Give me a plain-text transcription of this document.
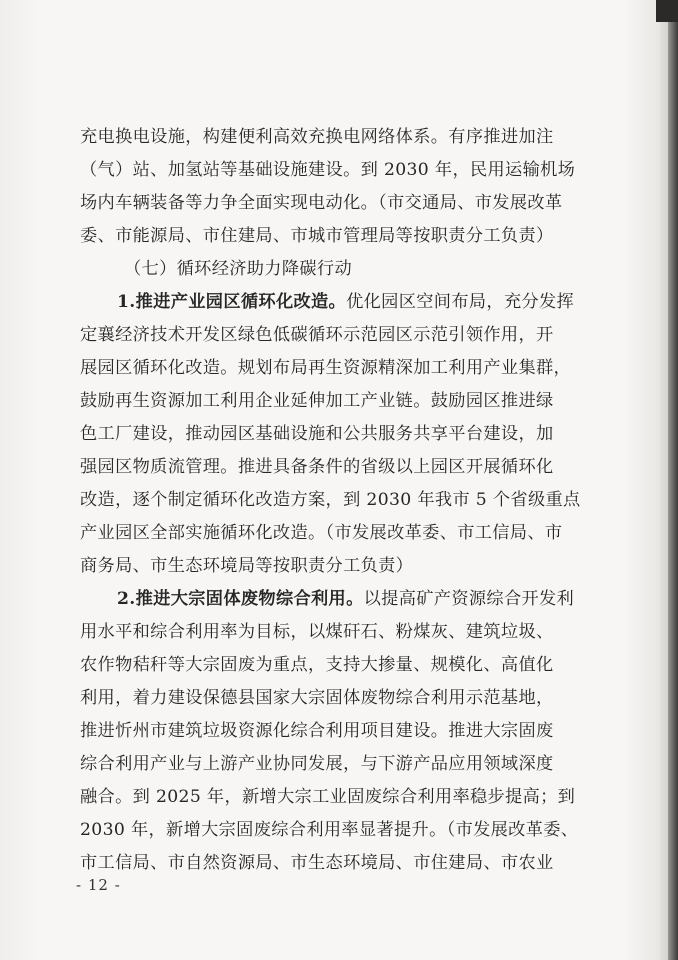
充电换电设施，构建便利高效充换电网络体系。有序推进加注
（气）站、加氢站等基础设施建设。到 2030 年，民用运输机场
场内车辆装备等力争全面实现电动化。（市交通局、市发展改革
委、市能源局、市住建局、市城市管理局等按职责分工负责）
（七）循环经济助力降碳行动
1.推进产业园区循环化改造。优化园区空间布局，充分发挥
定襄经济技术开发区绿色低碳循环示范园区示范引领作用，开
展园区循环化改造。规划布局再生资源精深加工利用产业集群，
鼓励再生资源加工利用企业延伸加工产业链。鼓励园区推进绿
色工厂建设，推动园区基础设施和公共服务共享平台建设，加
强园区物质流管理。推进具备条件的省级以上园区开展循环化
改造，逐个制定循环化改造方案，到 2030 年我市 5 个省级重点
产业园区全部实施循环化改造。（市发展改革委、市工信局、市
商务局、市生态环境局等按职责分工负责）
2.推进大宗固体废物综合利用。以提高矿产资源综合开发利
用水平和综合利用率为目标，以煤矸石、粉煤灰、建筑垃圾、
农作物秸秆等大宗固废为重点，支持大掺量、规模化、高值化
利用，着力建设保德县国家大宗固体废物综合利用示范基地，
推进忻州市建筑垃圾资源化综合利用项目建设。推进大宗固废
综合利用产业与上游产业协同发展，与下游产品应用领域深度
融合。到 2025 年，新增大宗工业固废综合利用率稳步提高；到
2030 年，新增大宗固废综合利用率显著提升。（市发展改革委、
市工信局、市自然资源局、市生态环境局、市住建局、市农业
- 12 -
